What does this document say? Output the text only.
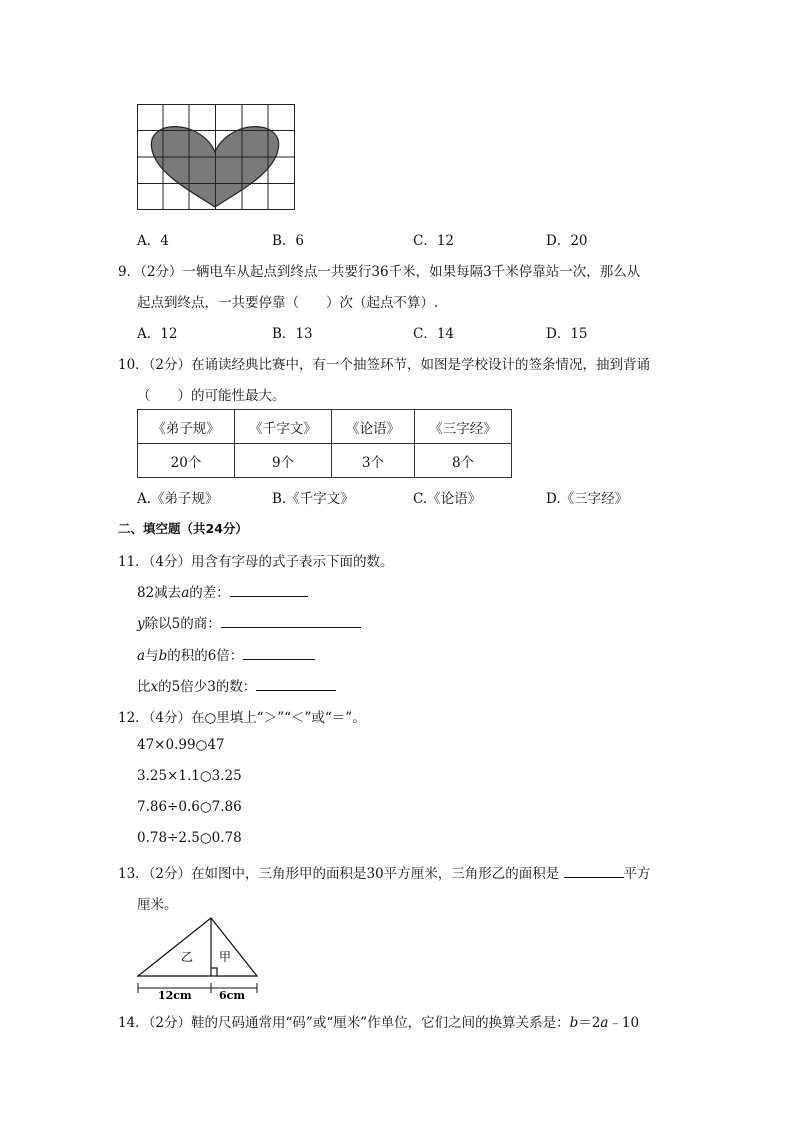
A．4	B．6	C．12	D．20
9．（2分）一辆电车从起点到终点一共要行36千米，如果每隔3千米停靠站一次，那么从
起点到终点，一共要停靠（　　）次（起点不算）.
A．12	B．13	C．14	D．15
10．（2分）在诵读经典比赛中，有一个抽签环节，如图是学校设计的签条情况，抽到背诵
（　　）的可能性最大。
《弟子规》	《千字文》	《论语》	《三字经》
20个	9个	3个	8个
A.《弟子规》	B.《千字文》	C.《论语》	D.《三字经》
二、填空题（共24分）
11．（4分）用含有字母的式子表示下面的数。
82减去a的差：
y除以5的商：
a与b的积的6倍：
比x的5倍少3的数：
12．（4分）在○里填上“＞”“＜”或“＝”。
47×0.99○47
3.25×1.1○3.25
7.86÷0.6○7.86
0.78÷2.5○0.78
13．（2分）在如图中，三角形甲的面积是30平方厘米，三角形乙的面积是	平方
厘米。
乙 甲
12cm 6cm
14．（2分）鞋的尺码通常用“码”或“厘米”作单位，它们之间的换算关系是：b＝2a﹣10
